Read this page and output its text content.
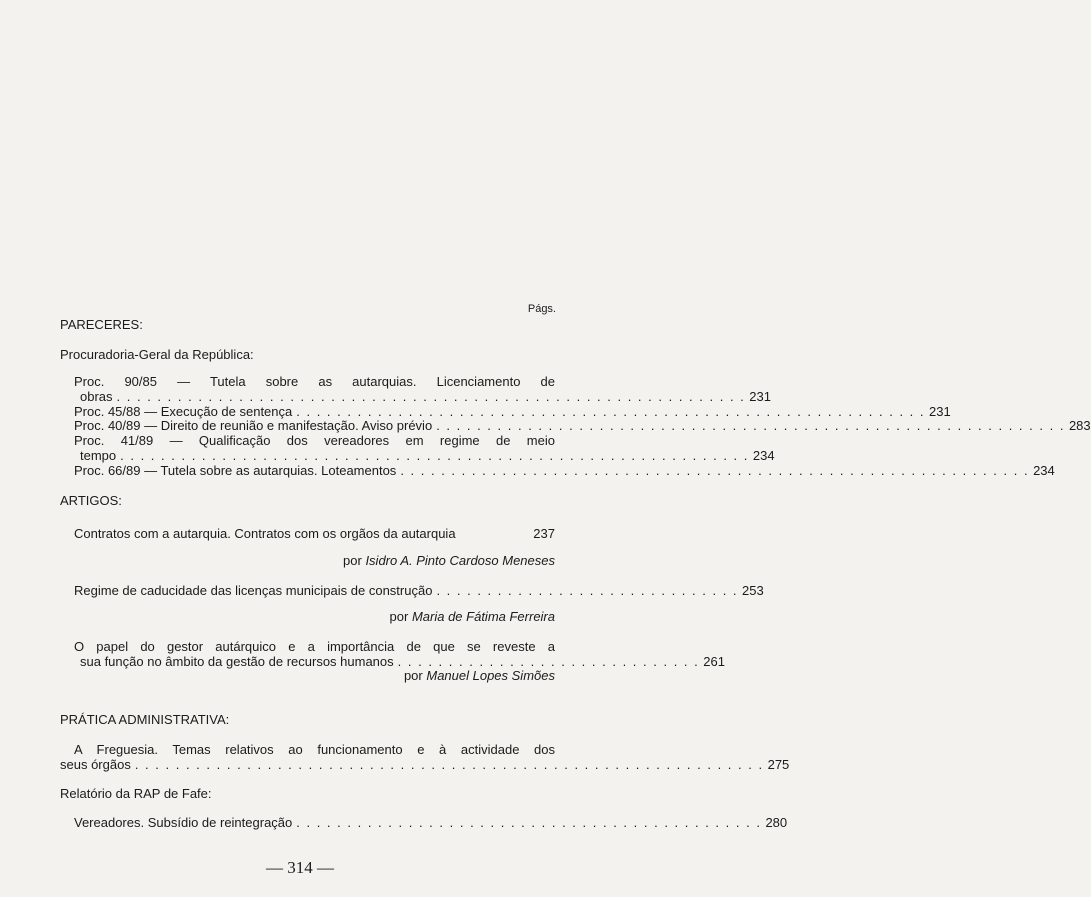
Págs.
PARECERES:
Procuradoria-Geral da República:
Proc. 90/85 — Tutela sobre as autarquias. Licenciamento de
obras . . . . . . . . . . . . . . . . . . . . . . . . . . . . . . . . . . . . . . . . . . . . . . . . . . . . . . . . . . . . . . 231
Proc. 45/88 — Execução de sentença . . . . . . . . . . . . . . . . . . . . . . . . . . . . . . . . . . . . . . . . . . . . . . . . . . . . . . . . . . . . . . 231
Proc. 40/89 — Direito de reunião e manifestação. Aviso prévio . . . . . . . . . . . . . . . . . . . . . . . . . . . . . . . . . . . . . . . . . . . . . . . . . . . . . . . . . . . . . . 283
Proc. 41/89 — Qualificação dos vereadores em regime de meio
tempo . . . . . . . . . . . . . . . . . . . . . . . . . . . . . . . . . . . . . . . . . . . . . . . . . . . . . . . . . . . . . . 234
Proc. 66/89 — Tutela sobre as autarquias. Loteamentos . . . . . . . . . . . . . . . . . . . . . . . . . . . . . . . . . . . . . . . . . . . . . . . . . . . . . . . . . . . . . . 234
ARTIGOS:
Contratos com a autarquia. Contratos com os orgãos da autarquia	237
por Isidro A. Pinto Cardoso Meneses
Regime de caducidade das licenças municipais de construção . . . . . . . . . . . . . . . . . . . . . . . . . . . . . . 253
por Maria de Fátima Ferreira
O papel do gestor autárquico e a importância de que se reveste a
sua função no âmbito da gestão de recursos humanos . . . . . . . . . . . . . . . . . . . . . . . . . . . . . . 261
por Manuel Lopes Simões
PRÁTICA ADMINISTRATIVA:
A Freguesia. Temas relativos ao funcionamento e à actividade dos
seus órgãos . . . . . . . . . . . . . . . . . . . . . . . . . . . . . . . . . . . . . . . . . . . . . . . . . . . . . . . . . . . . . . 275
Relatório da RAP de Fafe:
Vereadores. Subsídio de reintegração . . . . . . . . . . . . . . . . . . . . . . . . . . . . . . . . . . . . . . . . . . . . . . 280
— 314 —
